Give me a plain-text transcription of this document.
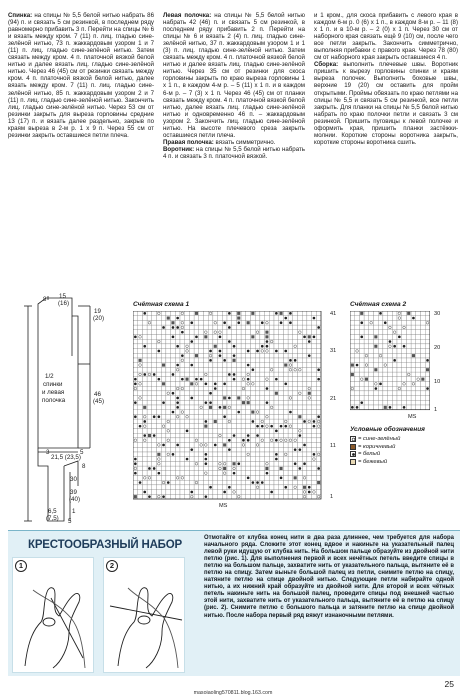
Спинка: на спицы № 5,5 белой нитью набрать 86 (94) п. и связать 5 см резинкой, в последнем ряду равномерно прибавить 3 п. Перейти на спицы № 6 и вязать между кром. 7 (11) п. лиц. гладью сине-зелёной нитью, 73 п. жаккардовым узором 1 и 7 (11) п. лиц. гладью сине-зелёной нитью. Затем связать между кром. 4 п. платочной вязкой белой нитью и далее вязать лиц. гладью сине-зелёной нитью. Через 46 (45) см от резинки связать между кром. 4 п. платочной вязкой белой нитью, далее вязать между кром. 7 (11) п. лиц. гладью сине-зелёной нитью, 85 п. жаккардовым узором 2 и 7 (11) п. лиц. гладью сине-зелёной нитью. Закончить лиц. гладью сине-зелёной нитью. Через 53 см от резинки закрыть для выреза горловины средние 13 (17) п. и вязать далее раздельно, закрыв по краям выреза в 2-м р. 1 х 9 п. Через 55 см от резинки закрыть оставшиеся петли плеча.

Левая полочка: на спицы № 5,5 белой нитью набрать 42 (46) п. и связать 5 см резинкой, в последнем ряду прибавить 2 п. Перейти на спицы № 6 и вязать 2 (4) п. лиц. гладью сине-зелёной нитью, 37 п. жаккардовым узором 1 и 1 (3) п. лиц. гладью сине-зелёной нитью. Затем связать между кром. 4 п. платочной вязкой белой нитью и далее вязать лиц. гладью сине-зелёной нитью. Через 35 см от резинки для скоса горловины закрыть по краю выреза горловины 1 х 1 п., в каждом 4-м р. – 5 (11) х 1 п. и в каждом 6-м р. – 7 (3) х 1 п. Через 46 (45) см от планки связать между кром. 4 п. платочной вязкой белой нитью, далее вязать лиц. гладью сине-зелёной нитью и одновременно 46 п. – жаккардовым узором 2. Закончить лиц. гладью сине-зелёной нитью. На высоте плечевого среза закрыть оставшиеся петли плеча.

Правая полочка: вязать симметрично.

Воротник: на спицы № 5,5 белой нитью набрать 4 п. и связать 3 п. платочной вязкой.

и 1 кром., для скоса прибавить с левого края в каждом 6-м р. 0 (6) х 1 п., в каждом 8-м р. – 11 (8) х 1 п. и в 10-м р. – 2 (0) х 1 п. Через 30 см от наборного края связать ещё 9 (10) см, после чего все петли закрыть. Закончить симметрично, выполняя прибавки с правого края. Через 78 (80) см от наборного края закрыть оставшиеся 4 п.

Сборка: выполнить плечевые швы. Воротник пришить к вырезу горловины спинки и краям выреза полочек. Выполнить боковые швы, верхние 19 (20) см оставить для пройм открытыми. Проймы обвязать по краю петлями на спицы № 5,5 и связать 5 см резинкой, все петли закрыть. Для планки на спицы № 5,5 белой нитью набрать по краю полочки петли и связать 3 см резинкой. Пришить пуговицы к левой полочке и оформить края, пришить планки застёжки-молнии. Короткие стороны воротника закрыть, короткие стороны воротника сшить.

8 15
(16)
19
(20)
1/2
спинки
и левая
полочка
46
(45)
3
21,5 (23,5)
5
8
30
39
(40)
6,5
(7,5)
1
5
Счётная схема 1
41
31
21
11
1
MS
Счётная схема 2
30
20
10
1
MS
Условные обозначения
= сине-зелёный
= коричневый
= белый
= бежевый
КРЕСТООБРАЗНЫЙ НАБОР
Отмотайте от клубка конец нити в два раза длиннее, чем требуется для набора начального ряда. Сложите этот конец вдвое и накиньте на указательный палец левой руки идущую от клубка нить. На большом пальце образуйте из двойной нити петлю (рис. 1). Для выполнения первой и всех нечётных петель введите спицы в петлю на большом пальце, захватите нить от указательного пальца, вытяните её в петлю на спицу. Затем выньте большой палец из петли, снимите петлю на спицу, натяните петлю на спице двойной нитью. Следующие петли набирайте одной нитью, а их нижний край образуйте из двойной нити. Для второй и всех чётных петель накиньте нить на большой палец, проведите спицы под внешней частью этой нити, захватите нить от указательного пальца, вытяните её в петлю на спицу (рис. 2). Снимите петлю с большого пальца и затяните петлю на спице двойной нитью. После набора первый ряд вяжут изнаночными петлями.
1	2
25
masoiaoling570811.blog.163.com
